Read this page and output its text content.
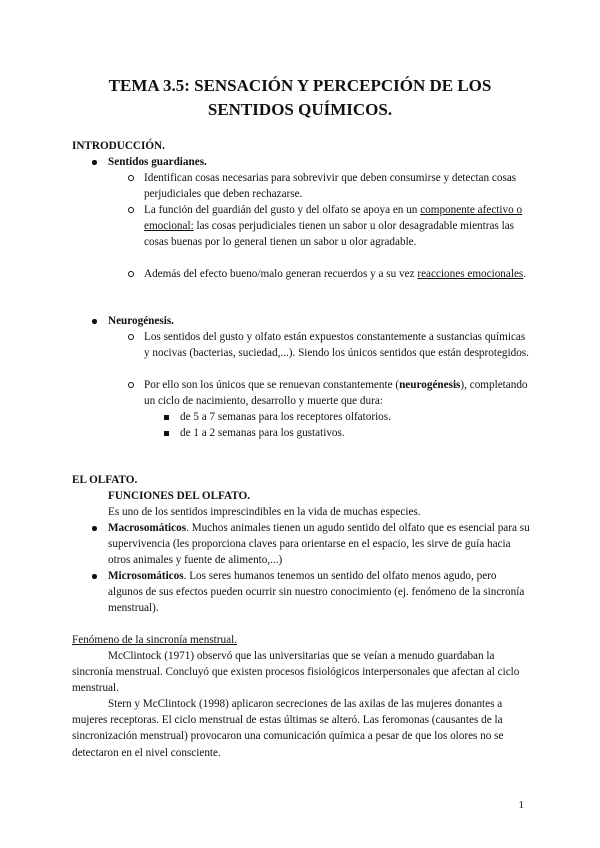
TEMA 3.5: SENSACIÓN Y PERCEPCIÓN DE LOS
SENTIDOS QUÍMICOS.
INTRODUCCIÓN.
Sentidos guardianes.
Identifican cosas necesarias para sobrevivir que deben consumirse y detectan cosas perjudiciales que deben rechazarse.
La función del guardián del gusto y del olfato se apoya en un componente afectivo o emocional: las cosas perjudiciales tienen un sabor u olor desagradable mientras las cosas buenas por lo general tienen un sabor u olor agradable.
Además del efecto bueno/malo generan recuerdos y a su vez reacciones emocionales.
Neurogénesis.
Los sentidos del gusto y olfato están expuestos constantemente a sustancias químicas y nocivas (bacterias, suciedad,...). Siendo los únicos sentidos que están desprotegidos.
Por ello son los únicos que se renuevan constantemente (neurogénesis), completando un ciclo de nacimiento, desarrollo y muerte que dura:
de 5 a 7 semanas para los receptores olfatorios.
de 1 a 2 semanas para los gustativos.
EL OLFATO.
FUNCIONES DEL OLFATO.
Es uno de los sentidos imprescindibles en la vida de muchas especies.
Macrosomáticos. Muchos animales tienen un agudo sentido del olfato que es esencial para su supervivencia (les proporciona claves para orientarse en el espacio, les sirve de guía hacia otros animales y fuente de alimento,...)
Microsomáticos. Los seres humanos tenemos un sentido del olfato menos agudo, pero algunos de sus efectos pueden ocurrir sin nuestro conocimiento (ej. fenómeno de la sincronía menstrual).
Fenómeno de la sincronía menstrual.
McClintock (1971) observó que las universitarias que se veían a menudo guardaban la sincronía menstrual. Concluyó que existen procesos fisiológicos interpersonales que afectan al ciclo menstrual.
Stern y McClintock (1998) aplicaron secreciones de las axilas de las mujeres donantes a mujeres receptoras. El ciclo menstrual de estas últimas se alteró. Las feromonas (causantes de la sincronización menstrual) provocaron una comunicación química a pesar de que los olores no se detectaron en el nivel consciente.
1
